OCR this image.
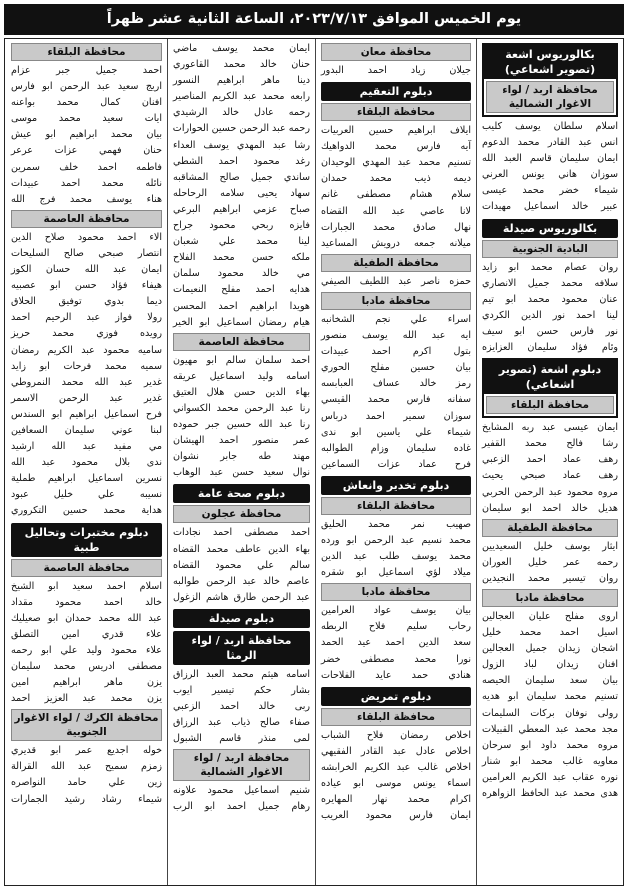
يوم الخميس الموافق ٢٠٢٣/٧/١٣، الساعة الثانية عشر ظهراً
بكالوريوس اشعة (تصوير اشعاعي)
محافظة اربد / لواء الاغوار الشمالية
اسلام سلطان يوسف كليب
انس عبد القادر محمد الدعوم
ايمان سليمان قاسم العبد الله
سوزان هاني يونس العرني
شيماء خضر محمد عيسى
عبير خالد اسماعيل مهيدات
بكالوريوس صيدلة
البادية الجنوبية
روان عصام محمد ابو زايد
سلافه محمد جميل الانصاري
عنان محمود محمد ابو تيم
لينا احمد نور الدين الكردي
نور فارس حسن ابو سيف
وئام فؤاد سليمان العزايزه
دبلوم اشعة (تصوير اشعاعي)
محافظة البلقاء
ايمان عيسى عبد ربه المشايخ
رشا فالح محمد القفير
رهف عماد احمد الزعبي
رهف عماد صبحي يحيث
مروه محمود عبد الرحمن الحربي
هديل خالد احمد ابو سليمان
محافظة الطفيلة
ايثار يوسف خليل السعيديين
رحمه عمر خليل العوران
روان تيسير محمد النجيدين
محافظة مادبا
اروى مفلح عليان العجالين
اسيل احمد محمد خليل
اشجان زيدان جميل العجالين
افنان زيدان لباد الزول
بيان سعد سليمان الحيصه
تسنيم محمد سليمان ابو هديه
رولى نوفان بركات السليمات
مجد محمد عبد المعطي القبيلات
مروه محمد داود ابو سرحان
معاويه غالب محمد ابو شنار
نوره عقاب عبد الكريم العرامين
هدى محمد عبد الحافظ الزواهره
محافظة معان
جيلان زياد احمد البدور
دبلوم التعقيم
محافظة البلقاء
ايلاف ابراهيم حسين العربيات
آيه فارس محمد الدواهيك
تسنيم محمد عبد المهدي الوحيدان
ديمه ذيب محمد حمدان
سلام هشام مصطفى غانم
لانا عاصي عبد الله القضاه
نهال صادق محمد الجبارات
ميلانه جمعه درويش المساعيد
محافظة الطفيلة
حمزه ناصر عبد اللطيف الصيفي
محافظة مادبا
اسراء علي نجم الشخانبه
ايه عبد الله يوسف منصور
بتول اكرم احمد عبيدات
بيان حسين مفلح الحوري
رمز خالد عساف العبابسه
سفانه فارس محمد القيسي
سوزان سمير احمد درباس
شيماء علي ياسين ابو ندى
غاده سليمان وزام الطوالبه
فرح عماد عزات السماعين
دبلوم تخدير وانعاش
محافظة البلقاء
صهيب نمر محمد الحليق
محمد نسيم عبد الرحمن ابو ورده
محمد يوسف طلب عبد الدين
ميلاد لؤي اسماعيل ابو شقره
محافظة مادبا
بيان يوسف عواد العرامين
رحاب سليم فلاح الربطه
سعد الدين احمد عيد الحمد
نورا محمد مصطفى خضر
هنادي حمد عايد الفلاحات
دبلوم تمريض
محافظة البلقاء
اخلاص رمضان فلاح الشباب
اخلاص عادل عبد القادر الفقيهي
اخلاص غالب عبد الكريم الخرابشه
اسماء يونس موسى ابو عياده
اكرام محمد نهار المهايره
ايمان فارس محمود العريب
ايمان محمد يوسف ماضي
حنان خالد محمد القاعوري
دينا ماهر ابراهيم النسور
رابعه محمد عبد الكريم المناصير
رحمه عادل خالد الرشيدي
رحمه عبد الرحمن حسين الحوارات
رشا عبد المهدي يوسف العداء
رغد محمود احمد الشطي
ساندي جميل صالح المشاقبه
سهاد يحيى سلامه الرحاحله
صباح عزمي ابراهيم البرعي
فايزه ربحي محمود جراح
لينا محمد علي شعبان
ملكه حسن محمد الفلاح
مي خالد محمود سلمان
هدايه احمد مفلح النعيمات
هويدا ابراهيم احمد المحسن
هيام رمضان اسماعيل ابو الخير
محافظة العاصمة
احمد سلمان سالم ابو مهيون
اسامه وليد اسماعيل عريقه
بهاء الدين حسن هلال العتيق
رنا عبد الرحمن محمد الكسواني
رنا عبد الله حسين جبر حموده
عمر منصور احمد الهيشان
مهند طه جابر نشوان
نوال سعيد حسن عبد الوهاب
دبلوم صحة عامة
محافظة عجلون
احمد مصطفى احمد نجادات
بهاء الدين عاطف محمد القضاه
سالم علي محمود القضاه
عاصم خالد عبد الرحمن طوالبه
عبد الرحمن طارق هاشم الزغول
دبلوم صيدلة
محافظة اربد / لواء الرمثا
اسامه هيثم محمد العبد الرزاق
بشار حكم تيسير ايوب
ربى خالد احمد الزعبي
صفاء صالح ذياب عبد الرزاق
لمى منذر قاسم الشبول
محافظة اربد / لواء الاغوار الشمالية
شنيم اسماعيل محمود علاونه
رهام جميل احمد ابو الرب
محافظة البلقاء
احمد جميل جبر عزام
اريج سعيد عبد الرحمن ابو فارس
افنان كمال محمد بواعنه
ايات سعيد محمد موسى
بيان محمد ابراهيم ابو عيش
حنان فهمي عزات عرعر
فاطمه احمد خلف سمرين
نائله محمد احمد عبيدات
هناء يوسف محمد فرج الله
محافظة العاصمة
الاء احمد محمود صلاح الدين
انتصار صبحي صالح السليحات
ايمان عبد الله حسان الكوز
هيفاء فؤاد حسن ابو عصبيه
ديما بدوي توفيق الحلاق
رولا فواز عبد الرحيم احمد
رويده فوزي محمد حريز
ساميه محمود عبد الكريم رمضان
سميه محمد فرحات ابو زايد
غدير عبد الله محمد النمروطي
غدير عبد الرحمن الاسمر
فرح اسماعيل ابراهيم ابو السندس
لبنا عوني سليمان السعافين
مي مفيد عبد الله ارشيد
ندى بلال محمود عبد الله
نسرين اسماعيل ابراهيم طملية
نسيبه علي خليل عبود
هداية محمد حسين التكروري
دبلوم مختبرات وتحاليل طبية
محافظة العاصمة
اسلام احمد سعيد ابو الشيخ
خالد احمد محمود مقداد
عبد الله محمد حمدان ابو صعيليك
علاء قدري امين التصلق
علاء محمود وليد علي ابو رحمه
مصطفى ادريس محمد سليمان
يزن ماهر ابراهيم امين
يزن محمد عبد العزيز احمد
محافظة الكرك / لواء الاغوار الجنوبية
خوله اجديع عمر ابو قديري
زمزم سميح عبد الله القرالة
زين علي حامد النواصره
شيماء رشاد رشيد الجمارات
